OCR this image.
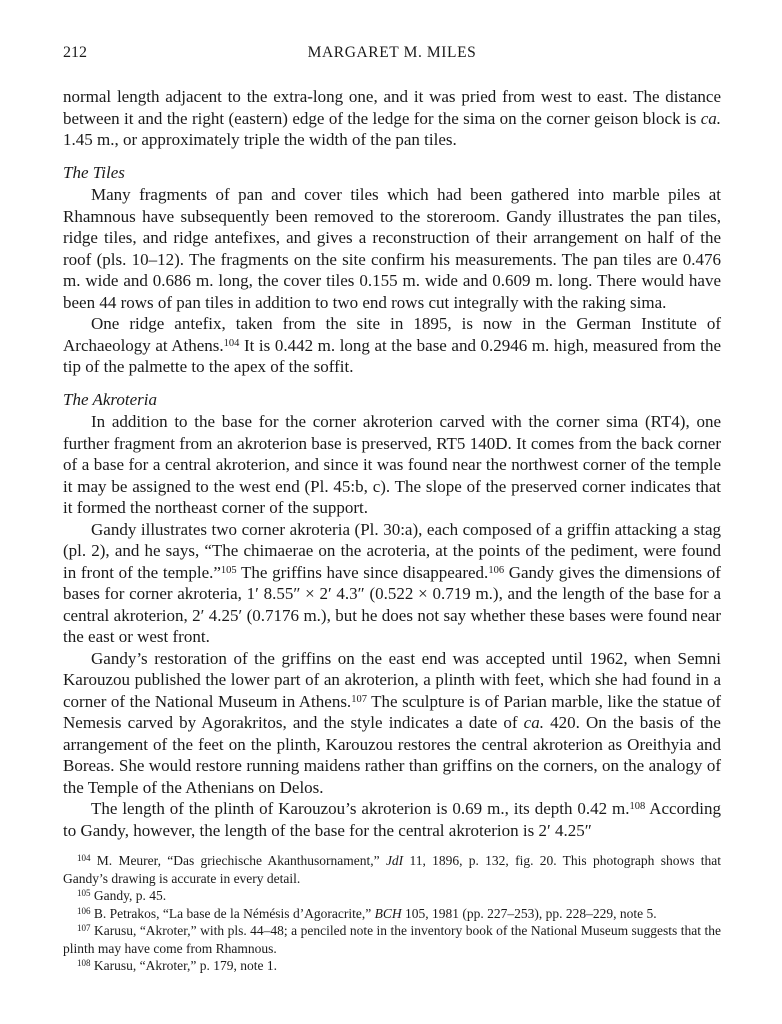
212	MARGARET M. MILES

normal length adjacent to the extra-long one, and it was pried from west to east. The distance between it and the right (eastern) edge of the ledge for the sima on the corner geison block is ca. 1.45 m., or approximately triple the width of the pan tiles.

The Tiles

Many fragments of pan and cover tiles which had been gathered into marble piles at Rhamnous have subsequently been removed to the storeroom. Gandy illustrates the pan tiles, ridge tiles, and ridge antefixes, and gives a reconstruction of their arrangement on half of the roof (pls. 10–12). The fragments on the site confirm his measurements. The pan tiles are 0.476 m. wide and 0.686 m. long, the cover tiles 0.155 m. wide and 0.609 m. long. There would have been 44 rows of pan tiles in addition to two end rows cut integrally with the raking sima.

One ridge antefix, taken from the site in 1895, is now in the German Institute of Archaeology at Athens.$^{104}$ It is 0.442 m. long at the base and 0.2946 m. high, measured from the tip of the palmette to the apex of the soffit.

The Akroteria

In addition to the base for the corner akroterion carved with the corner sima (RT4), one further fragment from an akroterion base is preserved, RT5 140D. It comes from the back corner of a base for a central akroterion, and since it was found near the northwest corner of the temple it may be assigned to the west end (Pl. 45:b, c). The slope of the preserved corner indicates that it formed the northeast corner of the support.

Gandy illustrates two corner akroteria (Pl. 30:a), each composed of a griffin attacking a stag (pl. 2), and he says, “The chimaerae on the acroteria, at the points of the pediment, were found in front of the temple.”$^{105}$ The griffins have since disappeared.$^{106}$ Gandy gives the dimensions of bases for corner akroteria, 1′ 8.55″ × 2′ 4.3″ (0.522 × 0.719 m.), and the length of the base for a central akroterion, 2′ 4.25′ (0.7176 m.), but he does not say whether these bases were found near the east or west front.

Gandy’s restoration of the griffins on the east end was accepted until 1962, when Semni Karouzou published the lower part of an akroterion, a plinth with feet, which she had found in a corner of the National Museum in Athens.$^{107}$ The sculpture is of Parian marble, like the statue of Nemesis carved by Agorakritos, and the style indicates a date of ca. 420. On the basis of the arrangement of the feet on the plinth, Karouzou restores the central akroterion as Oreithyia and Boreas. She would restore running maidens rather than griffins on the corners, on the analogy of the Temple of the Athenians on Delos.

The length of the plinth of Karouzou’s akroterion is 0.69 m., its depth 0.42 m.$^{108}$ According to Gandy, however, the length of the base for the central akroterion is 2′ 4.25″

$^{104}$ M. Meurer, “Das griechische Akanthusornament,” JdI 11, 1896, p. 132, fig. 20. This photograph shows that Gandy’s drawing is accurate in every detail.

$^{105}$ Gandy, p. 45.

$^{106}$ B. Petrakos, “La base de la Némésis d’Agoracrite,” BCH 105, 1981 (pp. 227–253), pp. 228–229, note 5.

$^{107}$ Karusu, “Akroter,” with pls. 44–48; a penciled note in the inventory book of the National Museum suggests that the plinth may have come from Rhamnous.

$^{108}$ Karusu, “Akroter,” p. 179, note 1.
